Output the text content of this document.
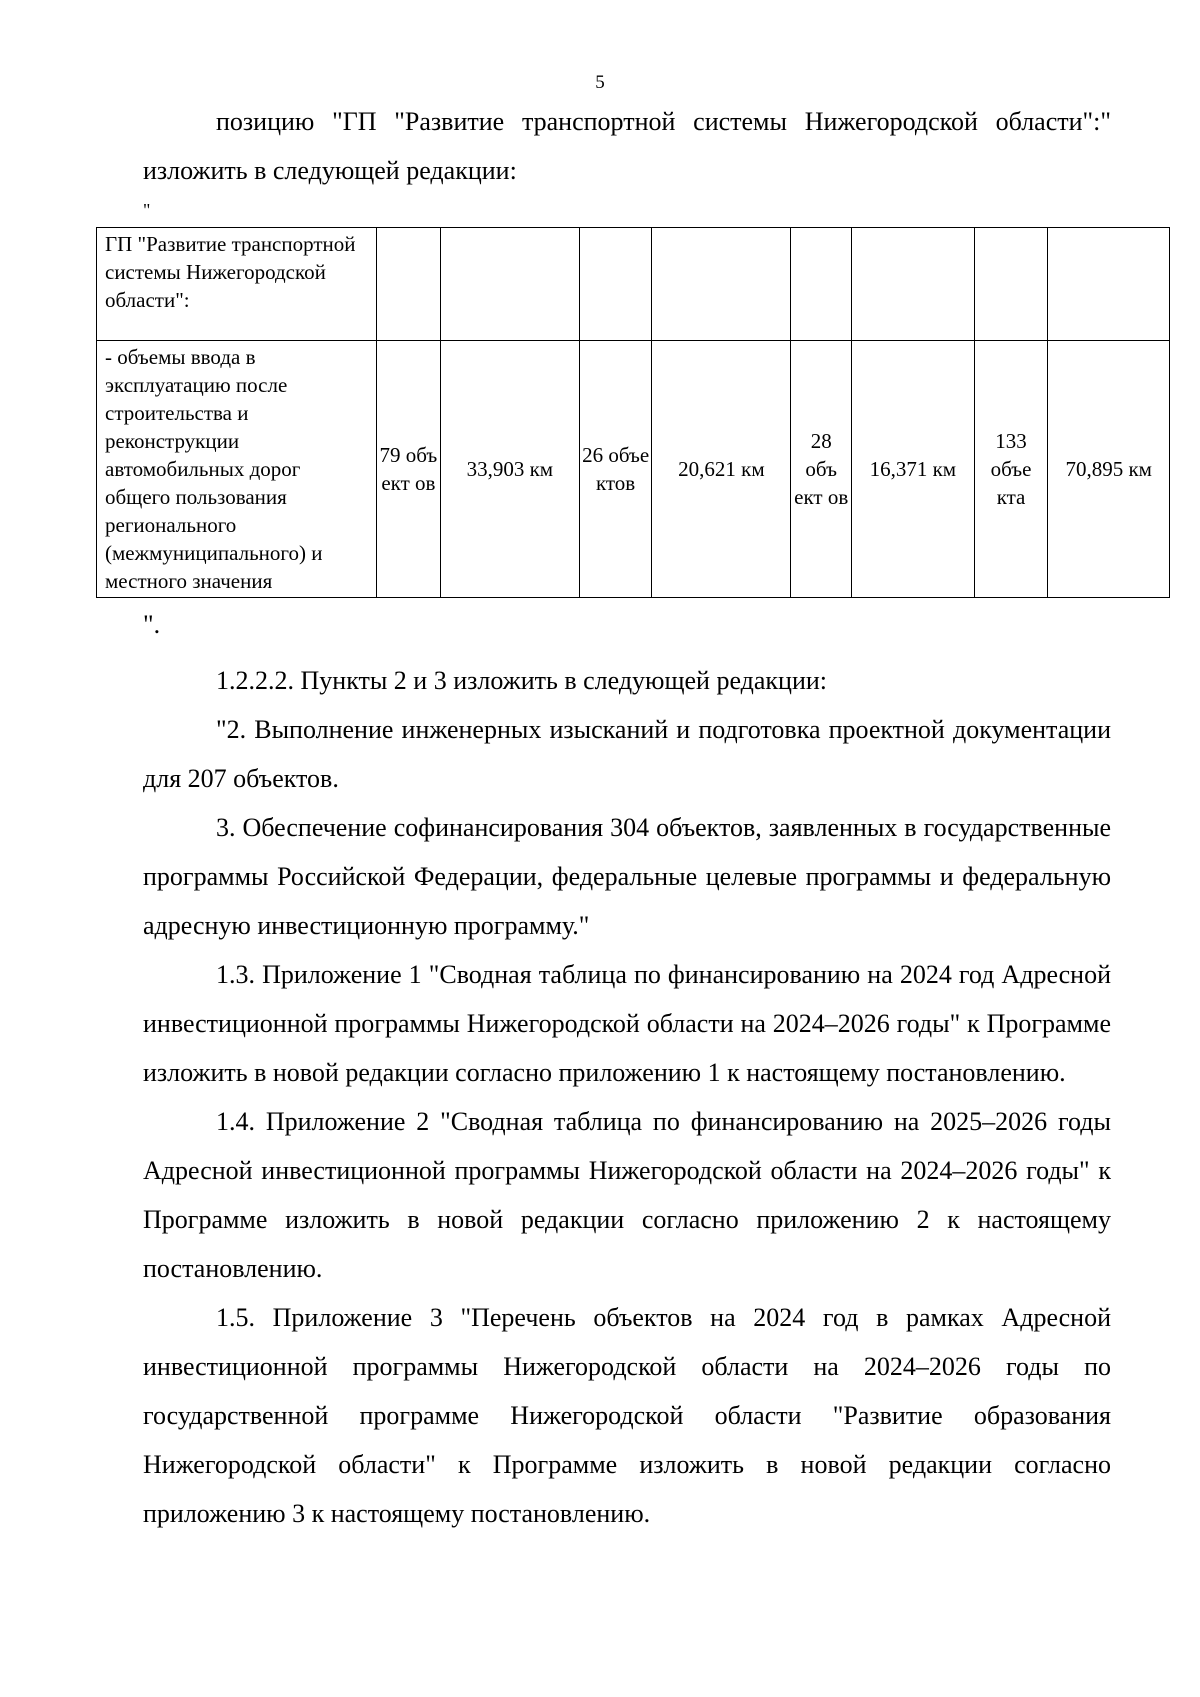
5

позицию "ГП "Развитие транспортной системы Нижегородской области":" изложить в следующей редакции:

"

ГП "Развитие транспортной системы Нижегородской области":								
- объемы ввода в эксплуатацию после строительства и реконструкции автомобильных дорог общего пользования регионального (межмуниципального) и местного значения	79 объ ект ов	33,903 км	26 объе ктов	20,621 км	28 объ ект ов	16,371 км	133 объе кта	70,895 км

".

1.2.2.2. Пункты 2 и 3 изложить в следующей редакции:

"2. Выполнение инженерных изысканий и подготовка проектной документации для 207 объектов.

3. Обеспечение софинансирования 304 объектов, заявленных в государственные программы Российской Федерации, федеральные целевые программы и федеральную адресную инвестиционную программу."

1.3. Приложение 1 "Сводная таблица по финансированию на 2024 год Адресной инвестиционной программы Нижегородской области на 2024–2026 годы" к Программе изложить в новой редакции согласно приложению 1 к настоящему постановлению.

1.4. Приложение 2 "Сводная таблица по финансированию на 2025–2026 годы Адресной инвестиционной программы Нижегородской области на 2024–2026 годы" к Программе изложить в новой редакции согласно приложению 2 к настоящему постановлению.

1.5. Приложение 3 "Перечень объектов на 2024 год в рамках Адресной инвестиционной программы Нижегородской области на 2024–2026 годы по государственной программе Нижегородской области "Развитие образования Нижегородской области" к Программе изложить в новой редакции согласно приложению 3 к настоящему постановлению.
